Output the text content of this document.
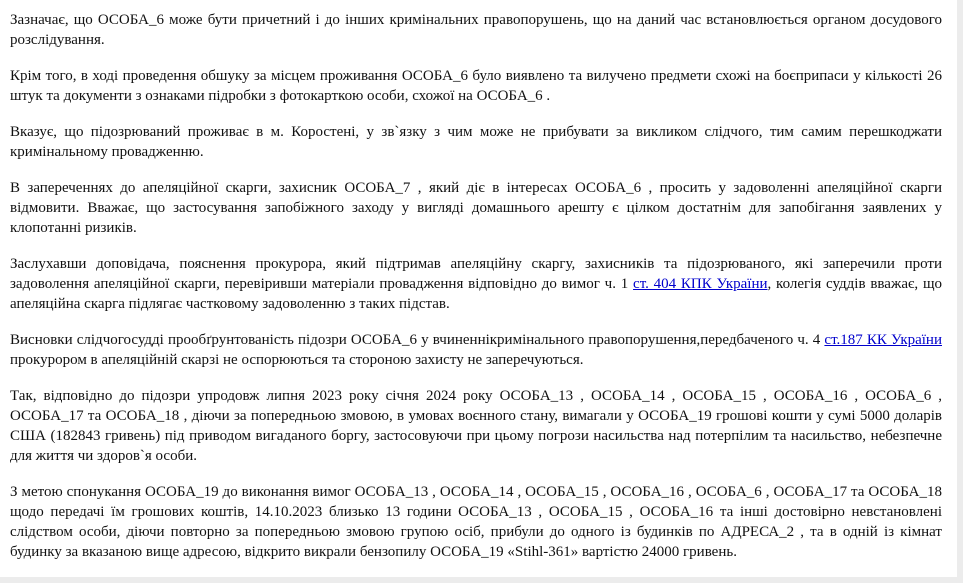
Зазначає, що ОСОБА_6 може бути причетний і до інших кримінальних правопорушень, що на даний час встановлюється органом досудового розслідування.

Крім того, в ході проведення обшуку за місцем проживання ОСОБА_6 було виявлено та вилучено предмети схожі на боєприпаси у кількості 26 штук та документи з ознаками підробки з фотокарткою особи, схожої на ОСОБА_6 .

Вказує, що підозрюваний проживає в м. Коростені, у зв`язку з чим може не прибувати за викликом слідчого, тим самим перешкоджати кримінальному провадженню.

В запереченнях до апеляційної скарги, захисник ОСОБА_7 , який діє в інтересах ОСОБА_6 , просить у задоволенні апеляційної скарги відмовити. Вважає, що застосування запобіжного заходу у вигляді домашнього арешту є цілком достатнім для запобігання заявлених у клопотанні ризиків.

Заслухавши доповідача, пояснення прокурора, який підтримав апеляційну скаргу, захисників та підозрюваного, які заперечили проти задоволення апеляційної скарги, перевіривши матеріали провадження відповідно до вимог ч. 1 ст. 404 КПК України, колегія суддів вважає, що апеляційна скарга підлягає частковому задоволенню з таких підстав.

Висновки слідчогосудді прообґрунтованість підозри ОСОБА_6 у вчиненнікримінального правопорушення,передбаченого ч. 4 ст.187 КК України прокурором в апеляційній скарзі не оспорюються та стороною захисту не заперечуються.

Так, відповідно до підозри упродовж липня 2023 року січня 2024 року ОСОБА_13 , ОСОБА_14 , ОСОБА_15 , ОСОБА_16 , ОСОБА_6 , ОСОБА_17 та ОСОБА_18 , діючи за попередньою змовою, в умовах воєнного стану, вимагали у ОСОБА_19 грошові кошти у сумі 5000 доларів США (182843 гривень) під приводом вигаданого боргу, застосовуючи при цьому погрози насильства над потерпілим та насильство, небезпечне для життя чи здоров`я особи.

З метою спонукання ОСОБА_19 до виконання вимог ОСОБА_13 , ОСОБА_14 , ОСОБА_15 , ОСОБА_16 , ОСОБА_6 , ОСОБА_17 та ОСОБА_18 щодо передачі їм грошових коштів, 14.10.2023 близько 13 години ОСОБА_13 , ОСОБА_15 , ОСОБА_16 та інші достовірно невстановлені слідством особи, діючи повторно за попередньою змовою групою осіб, прибули до одного із будинків по АДРЕСА_2 , та в одній із кімнат будинку за вказаною вище адресою, відкрито викрали бензопилу ОСОБА_19 «Stihl-361» вартістю 24000 гривень.
